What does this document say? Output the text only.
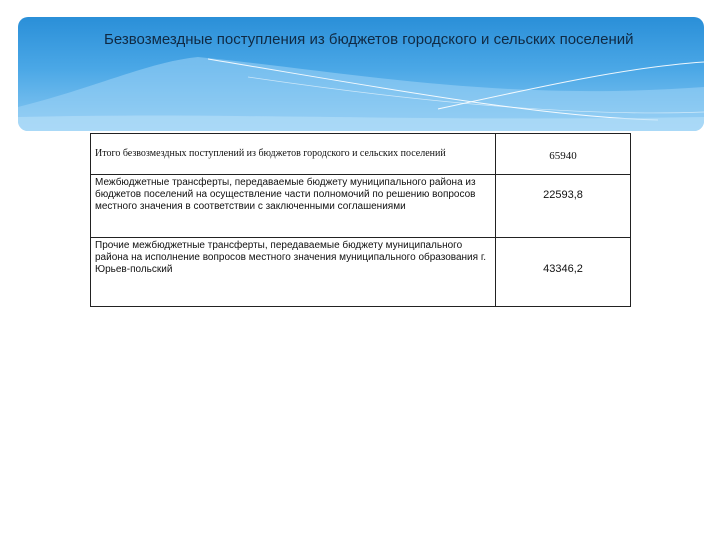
Безвозмездные поступления из бюджетов городского и сельских поселений
Итого безвозмездных поступлений из бюджетов городского и сельских поселений	65940
Межбюджетные трансферты, передаваемые бюджету муниципального района из бюджетов поселений на осуществление части полномочий по решению вопросов местного значения в соответствии с заключенными соглашениями	22593,8
Прочие межбюджетные трансферты, передаваемые бюджету муниципального района на исполнение вопросов местного значения муниципального образования г. Юрьев-польский	43346,2
